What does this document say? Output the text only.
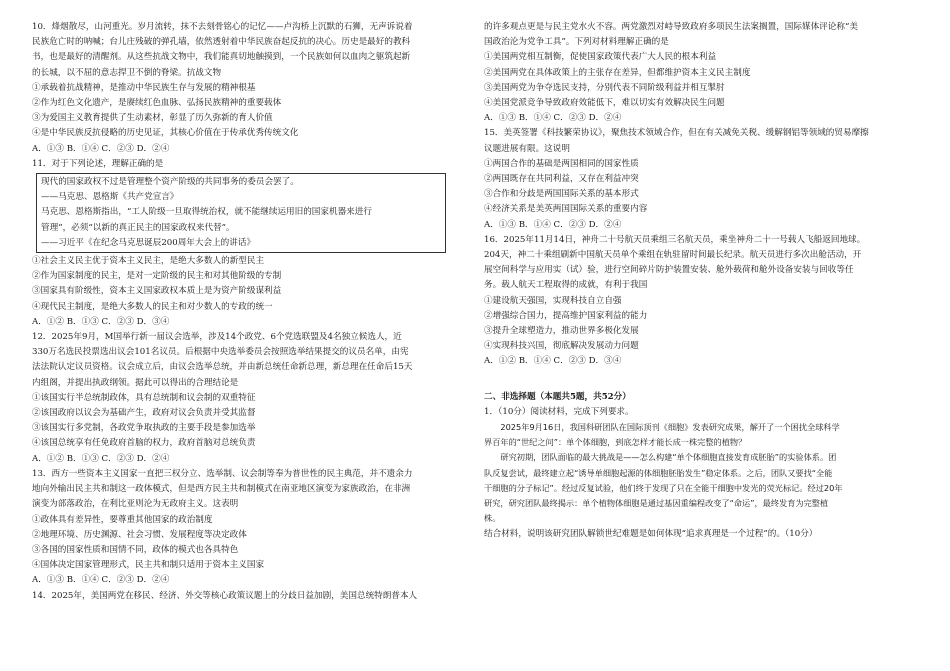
10．烽烟散尽，山河重光。岁月流转，抹不去刻骨铭心的记忆——卢沟桥上沉默的石狮，无声诉说着
民族危亡时的呐喊；台儿庄残破的弹孔墙，依然透射着中华民族奋起反抗的决心。历史是最好的教科
书，也是最好的清醒剂。从这些抗战文物中，我们能真切地触摸到，一个民族如何以血肉之躯筑起新
的长城，以不屈的意志捍卫不倒的脊梁。抗战文物
①承载着抗战精神，是推动中华民族生存与发展的精神根基
②作为红色文化遗产，是赓续红色血脉、弘扬民族精神的重要载体
③为爱国主义教育提供了生动素材，彰显了历久弥新的育人价值
④是中华民族反抗侵略的历史见证，其核心价值在于传承优秀传统文化
A．①③ B．①④ C．②③ D．②④
11．对于下列论述，理解正确的是
现代的国家政权不过是管理整个资产阶级的共同事务的委员会罢了。
——马克思、恩格斯《共产党宣言》
马克思、恩格斯指出，“工人阶级一旦取得统治权，就不能继续运用旧的国家机器来进行
管理”，必须“以新的真正民主的国家政权来代替”。
——习近平《在纪念马克思诞辰200周年大会上的讲话》
①社会主义民主优于资本主义民主，是绝大多数人的新型民主
②作为国家制度的民主，是对一定阶级的民主和对其他阶级的专制
③国家具有阶级性，资本主义国家政权本质上是为资产阶级谋利益
④现代民主制度，是绝大多数人的民主和对少数人的专政的统一
A．①② B．①③ C．②③ D．③④
12．2025年9月，M国举行新一届议会选举，涉及14个政党、6个党选联盟及4名独立候选人，近
330万名选民投票选出议会101名议员。后根据中央选举委员会按照选举结果提交的议员名单，由宪
法法院认定议员资格。议会成立后，由议会选举总统，并由新总统任命新总理，新总理在任命后15天
内组阁，并提出执政纲领。据此可以得出的合理结论是
①该国实行半总统制政体，具有总统制和议会制的双重特征
②该国政府以议会为基础产生，政府对议会负责并受其监督
③该国实行多党制，各政党争取执政的主要手段是参加选举
④该国总统享有任免政府首脑的权力，政府首脑对总统负责
A．①② B．①③ C．②③ D．②④
13．西方一些资本主义国家一直把三权分立、选举制、议会制等奉为普世性的民主典范，并不遗余力
地向外输出民主共和制这一政体模式，但是西方民主共和制模式在南亚地区演变为家族政治，在非洲
演变为部落政治，在利比亚则沦为无政府主义。这表明
①政体具有差异性，要尊重其他国家的政治制度
②地理环境、历史渊源、社会习惯、发展程度等决定政体
③各国的国家性质和国情不同，政体的模式也各具特色
④国体决定国家管理形式，民主共和制只适用于资本主义国家
A．①③ B．①④ C．②③ D．②④
14．2025年，美国两党在移民、经济、外交等核心政策议题上的分歧日益加剧，美国总统特朗普本人
的许多观点更是与民主党水火不容。两党激烈对峙导致政府多项民生法案搁置，国际媒体评论称“美
国政治沦为党争工具”。下列对材料理解正确的是
①美国两党相互制衡，促使国家政策代表广大人民的根本利益
②美国两党在具体政策上的主张存在差异，但都维护资本主义民主制度
③美国两党为争夺选民支持，分别代表不同阶级利益并相互掣肘
④美国党派竞争导致政府效能低下，难以切实有效解决民生问题
A．①③ B．①④ C．②③ D．②④
15．美英签署《科技繁荣协议》，聚焦技术领域合作，但在有关减免关税、缓解钢铝等领域的贸易摩擦
议题进展有限。这说明
①两国合作的基础是两国相同的国家性质
②两国既存在共同利益，又存在利益冲突
③合作和分歧是两国国际关系的基本形式
④经济关系是美英两国国际关系的重要内容
A．①③ B．①④ C．②③ D．②④
16．2025年11月14日，神舟二十号航天员乘组三名航天员，乘坐神舟二十一号载人飞船返回地球。
204天，神二十乘组刷新中国航天员单个乘组在轨驻留时间最长纪录。航天员进行多次出舱活动，开
展空间科学与应用实（试）验，进行空间碎片防护装置安装、舱外载荷和舱外设备安装与回收等任
务。载人航天工程取得的成就，有利于我国
①建设航天强国，实现科技自立自强
②增强综合国力，提高维护国家利益的能力
③提升全球塑造力，推动世界多极化发展
④实现科技兴国，彻底解决发展动力问题
A．①② B．①④ C．②③ D．③④
二、非选择题（本题共5题，共52分）
1．（10分）阅读材料，完成下列要求。
　　2025年9月16日，我国科研团队在国际顶刊《细胞》发表研究成果，解开了一个困扰全球科学
界百年的“世纪之问”：单个体细胞，到底怎样才能长成一株完整的植物？
　　研究初期，团队面临的最大挑战是——怎么构建“单个体细胞直接发育成胚胎”的实验体系。团
队反复尝试，最终建立起“诱导单细胞起源的体细胞胚胎发生”稳定体系。之后，团队又要找“全能
干细胞的分子标记”。经过反复试验，他们终于发现了只在全能干细胞中发光的荧光标记。经过20年
研究，研究团队最终揭示：单个植物体细胞是通过基因重编程改变了“命运”，最终发育为完整植
株。
结合材料，说明该研究团队解锁世纪难题是如何体现“追求真理是一个过程”的。（10分）
